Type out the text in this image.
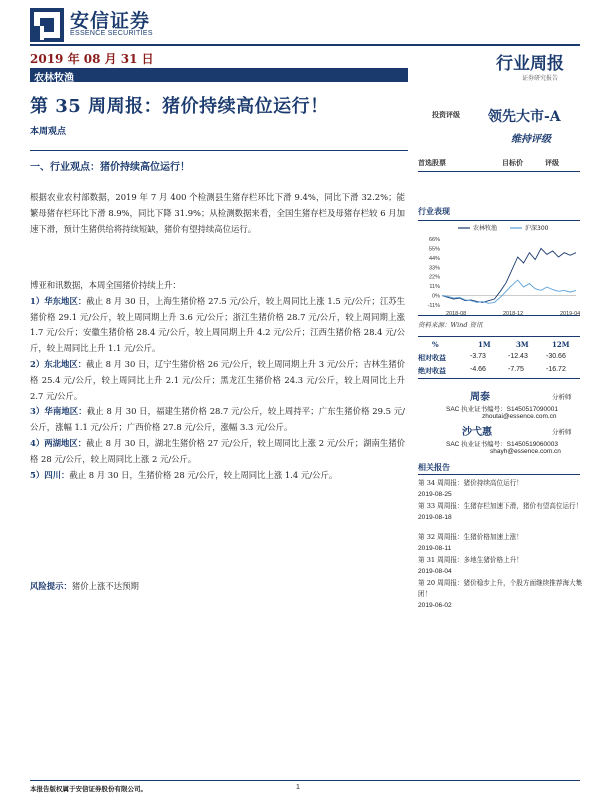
安信证券
ESSENCE SECURITIES
2019 年 08 月 31 日	行业周报
证券研究报告
农林牧渔
第 35 周周报：猪价持续高位运行！
本周观点
投资评级 领先大市-A
维持评级
一、行业观点：猪价持续高位运行！	首选股票	目标价	评级
根据农业农村部数据，2019 年 7 月 400 个检测县生猪存栏环比下滑 9.4%，同比下滑 32.2%；能繁母猪存栏环比下滑 8.9%，同比下降 31.9%；从检测数据来看，全国生猪存栏及母猪存栏较 6 月加速下滑，预计生猪供给将持续短缺，猪价有望持续高位运行。
博亚和讯数据，本周全国猪价持续上升：
1）华东地区：截止 8 月 30 日，上海生猪价格 27.5 元/公斤，较上周同比上涨 1.5 元/公斤；江苏生猪价格 29.1 元/公斤，较上周同期上升 3.6 元/公斤；浙江生猪价格 28.7 元/公斤，较上周同期上涨 1.7 元/公斤；安徽生猪价格 28.4 元/公斤，较上周同期上升 4.2 元/公斤；江西生猪价格 28.4 元/公斤，较上周同比上升 1.1 元/公斤。
2）东北地区：截止 8 月 30 日，辽宁生猪价格 26 元/公斤，较上周同期上升 3 元/公斤；吉林生猪价格 25.4 元/公斤，较上周同比上升 2.1 元/公斤；黑龙江生猪价格 24.3 元/公斤，较上周同比上升 2.7 元/公斤。
3）华南地区：截止 8 月 30 日，福建生猪价格 28.7 元/公斤，较上周持平；广东生猪价格 29.5 元/公斤，涨幅 1.1 元/公斤；广西价格 27.8 元/公斤，涨幅 3.3 元/公斤。
4）两湖地区：截止 8 月 30 日，湖北生猪价格 27 元/公斤，较上周同比上涨 2 元/公斤；湖南生猪价格 28 元/公斤，较上周同比上涨 2 元/公斤。
5）四川：截止 8 月 30 日，生猪价格 28 元/公斤，较上周同比上涨 1.4 元/公斤。
风险提示：猪价上涨不达预期
行业表现
66%
55%
44%
33%
22%
11%
0%
-11%
2018-08	2018-12	2019-04
农林牧渔	沪深300
资料来源：Wind 资讯
%	1M	3M	12M
相对收益	-3.73	-12.43	-30.66
绝对收益	-4.66	-7.75	-16.72
周泰	分析师
SAC 执业证书编号：S1450517090001
zhoutai@essence.com.cn
沙弋惠	分析师
SAC 执业证书编号：S1450519060003
shayh@essence.com.cn
相关报告
第 34 周周报：猪价持续高位运行！
2019-08-25
第 33 周周报：生猪存栏加速下滑，猪价有望高位运行！
2019-08-18
第 32 周周报：生猪价格加速上涨！
2019-08-11
第 31 周周报：多地生猪价格上升！
2019-08-04
第 20 周周报：猪价稳步上升，个股方面继续推荐海大集团！
2019-06-02
本报告版权属于安信证券股份有限公司。	1
